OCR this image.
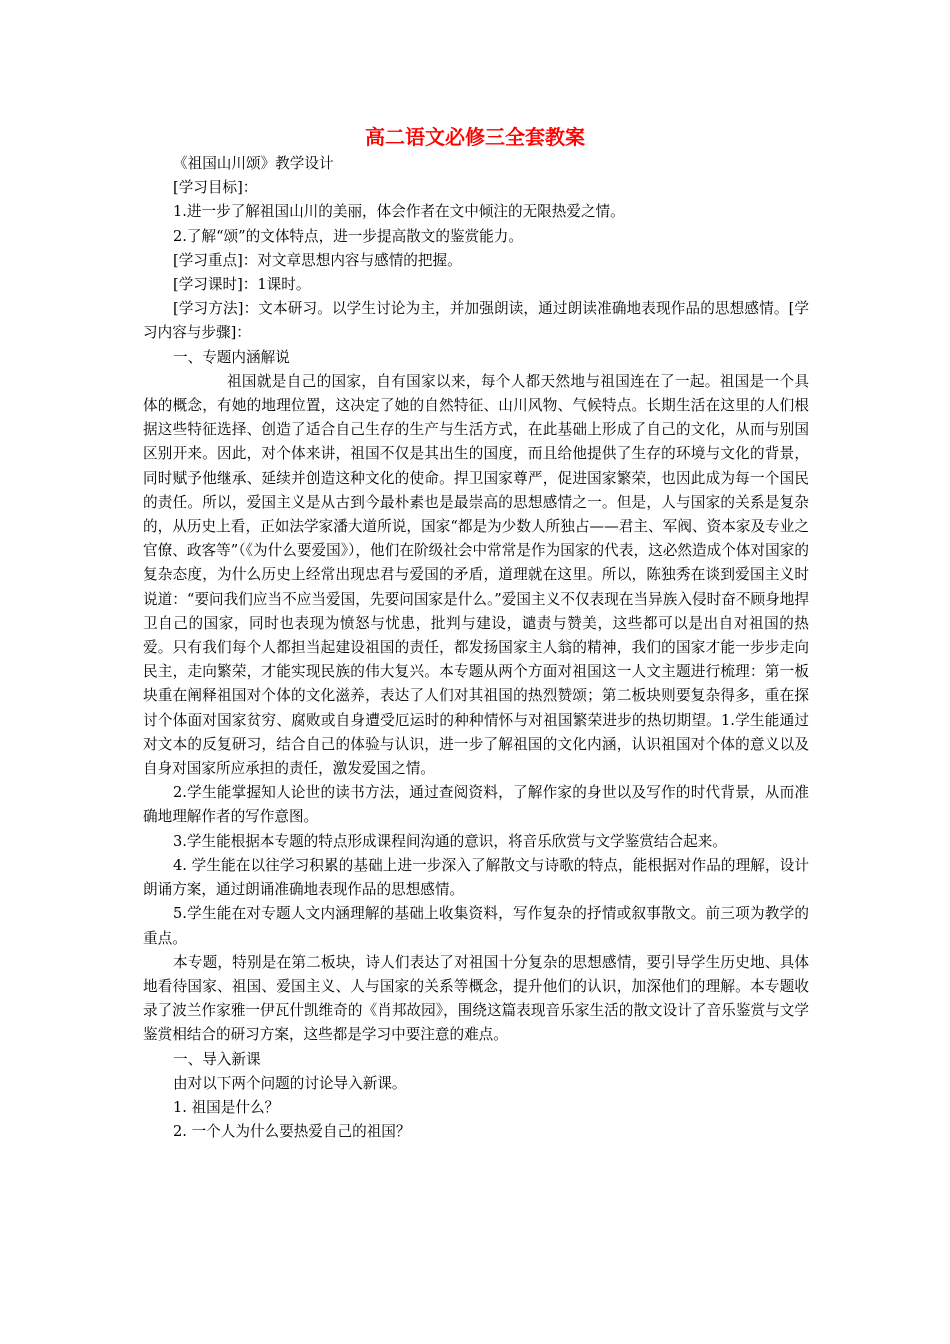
高二语文必修三全套教案

《祖国山川颂》教学设计

[学习目标]：

1.进一步了解祖国山川的美丽，体会作者在文中倾注的无限热爱之情。

2.了解“颂”的文体特点，进一步提高散文的鉴赏能力。

[学习重点]：对文章思想内容与感情的把握。

[学习课时]：1课时。

[学习方法]：文本研习。以学生讨论为主，并加强朗读，通过朗读准确地表现作品的思想感情。[学习内容与步骤]：

一、专题内涵解说

祖国就是自己的国家，自有国家以来，每个人都天然地与祖国连在了一起。祖国是一个具体的概念，有她的地理位置，这决定了她的自然特征、山川风物、气候特点。长期生活在这里的人们根据这些特征选择、创造了适合自己生存的生产与生活方式，在此基础上形成了自己的文化，从而与别国区别开来。因此，对个体来讲，祖国不仅是其出生的国度，而且给他提供了生存的环境与文化的背景，同时赋予他继承、延续并创造这种文化的使命。捍卫国家尊严，促进国家繁荣，也因此成为每一个国民的责任。所以，爱国主义是从古到今最朴素也是最崇高的思想感情之一。但是，人与国家的关系是复杂的，从历史上看，正如法学家潘大道所说，国家“都是为少数人所独占——君主、军阀、资本家及专业之官僚、政客等”（《为什么要爱国》），他们在阶级社会中常常是作为国家的代表，这必然造成个体对国家的复杂态度，为什么历史上经常出现忠君与爱国的矛盾，道理就在这里。所以，陈独秀在谈到爱国主义时说道：“要问我们应当不应当爱国，先要问国家是什么。”爱国主义不仅表现在当异族入侵时奋不顾身地捍卫自己的国家，同时也表现为愤怒与忧患，批判与建设，谴责与赞美，这些都可以是出自对祖国的热爱。只有我们每个人都担当起建设祖国的责任，都发扬国家主人翁的精神，我们的国家才能一步步走向民主，走向繁荣，才能实现民族的伟大复兴。本专题从两个方面对祖国这一人文主题进行梳理：第一板块重在阐释祖国对个体的文化滋养，表达了人们对其祖国的热烈赞颂；第二板块则要复杂得多，重在探讨个体面对国家贫穷、腐败或自身遭受厄运时的种种情怀与对祖国繁荣进步的热切期望。1.学生能通过对文本的反复研习，结合自己的体验与认识，进一步了解祖国的文化内涵，认识祖国对个体的意义以及自身对国家所应承担的责任，激发爱国之情。

2.学生能掌握知人论世的读书方法，通过查阅资料，了解作家的身世以及写作的时代背景，从而准确地理解作者的写作意图。

3.学生能根据本专题的特点形成课程间沟通的意识，将音乐欣赏与文学鉴赏结合起来。

4. 学生能在以往学习积累的基础上进一步深入了解散文与诗歌的特点，能根据对作品的理解，设计朗诵方案，通过朗诵准确地表现作品的思想感情。

5.学生能在对专题人文内涵理解的基础上收集资料，写作复杂的抒情或叙事散文。前三项为教学的重点。

本专题，特别是在第二板块，诗人们表达了对祖国十分复杂的思想感情，要引导学生历史地、具体地看待国家、祖国、爱国主义、人与国家的关系等概念，提升他们的认识，加深他们的理解。本专题收录了波兰作家雅一伊瓦什凯维奇的《肖邦故园》，围绕这篇表现音乐家生活的散文设计了音乐鉴赏与文学鉴赏相结合的研习方案，这些都是学习中要注意的难点。

一、导入新课

由对以下两个问题的讨论导入新课。

1. 祖国是什么？

2. 一个人为什么要热爱自己的祖国？
